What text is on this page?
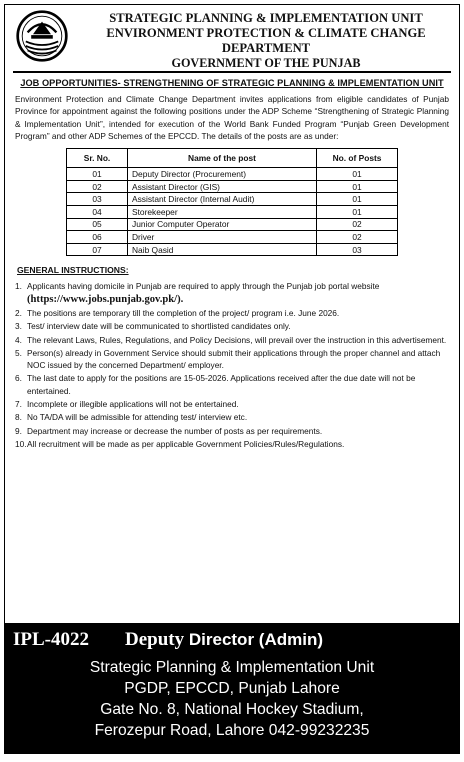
STRATEGIC PLANNING & IMPLEMENTATION UNIT
ENVIRONMENT PROTECTION & CLIMATE CHANGE DEPARTMENT
GOVERNMENT OF THE PUNJAB
JOB OPPORTUNITIES- STRENGTHENING OF STRATEGIC PLANNING & IMPLEMENTATION UNIT
Environment Protection and Climate Change Department invites applications from eligible candidates of Punjab Province for appointment against the following positions under the ADP Scheme “Strengthening of Strategic Planning & Implementation Unit”, intended for execution of the World Bank Funded Program “Punjab Green Development Program” and other ADP Schemes of the EPCCD. The details of the posts are as under:
Sr. No.	Name of the post	No. of Posts
01	Deputy Director (Procurement)	01
02	Assistant Director (GIS)	01
03	Assistant Director (Internal Audit)	01
04	Storekeeper	01
05	Junior Computer Operator	02
06	Driver	02
07	Naib Qasid	03
GENERAL INSTRUCTIONS:
1. Applicants having domicile in Punjab are required to apply through the Punjab job portal website
(https://www.jobs.punjab.gov.pk/).
2. The positions are temporary till the completion of the project/ program i.e. June 2026.
3. Test/ interview date will be communicated to shortlisted candidates only.
4. The relevant Laws, Rules, Regulations, and Policy Decisions, will prevail over the instruction in this advertisement.
5. Person(s) already in Government Service should submit their applications through the proper channel and attach NOC issued by the concerned Department/ employer.
6. The last date to apply for the positions are 15-05-2026. Applications received after the due date will not be entertained.
7. Incomplete or illegible applications will not be entertained.
8. No TA/DA will be admissible for attending test/ interview etc.
9. Department may increase or decrease the number of posts as per requirements.
10. All recruitment will be made as per applicable Government Policies/Rules/Regulations.
IPL-4022 Deputy Director (Admin)
Strategic Planning & Implementation Unit
PGDP, EPCCD, Punjab Lahore
Gate No. 8, National Hockey Stadium,
Ferozepur Road, Lahore 042-99232235
